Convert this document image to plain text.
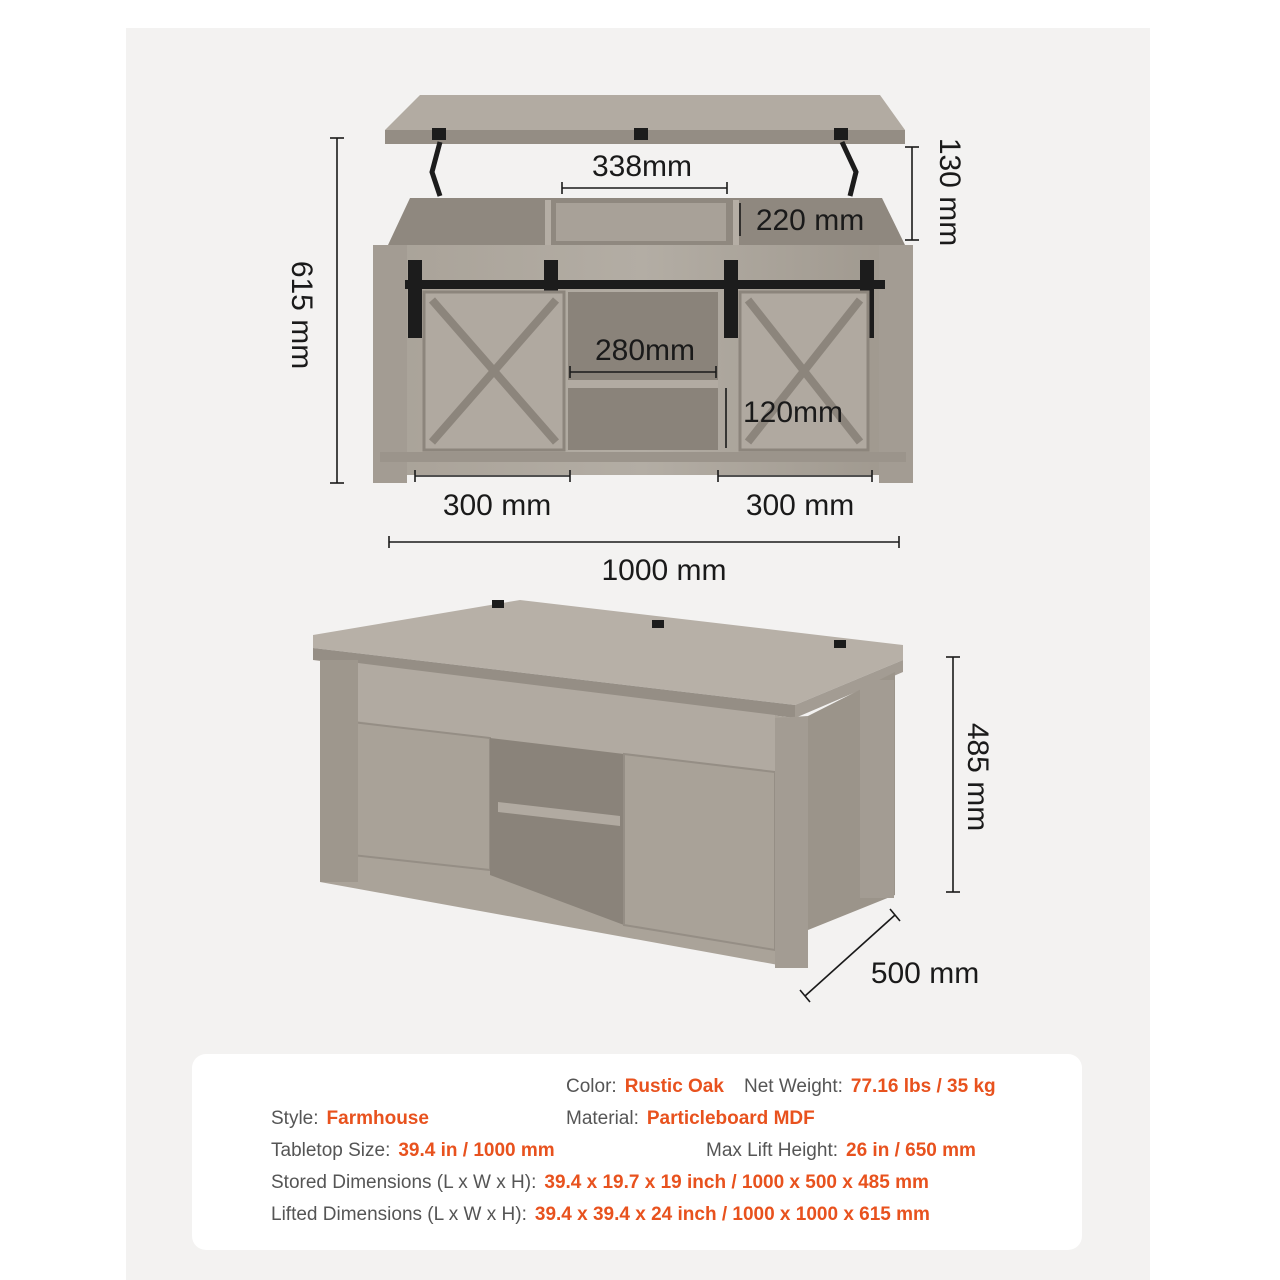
615 mm
130 mm
338mm
220 mm
280mm
120mm
300 mm	300 mm
1000 mm
485 mm
500 mm
Color: Rustic Oak Net Weight: 77.16 lbs / 35 kg
Style: Farmhouse	Material: Particleboard MDF
Tabletop Size: 39.4 in / 1000 mm	Max Lift Height: 26 in / 650 mm
Stored Dimensions (L x W x H): 39.4 x 19.7 x 19 inch / 1000 x 500 x 485 mm
Lifted Dimensions (L x W x H): 39.4 x 39.4 x 24 inch / 1000 x 1000 x 615 mm
